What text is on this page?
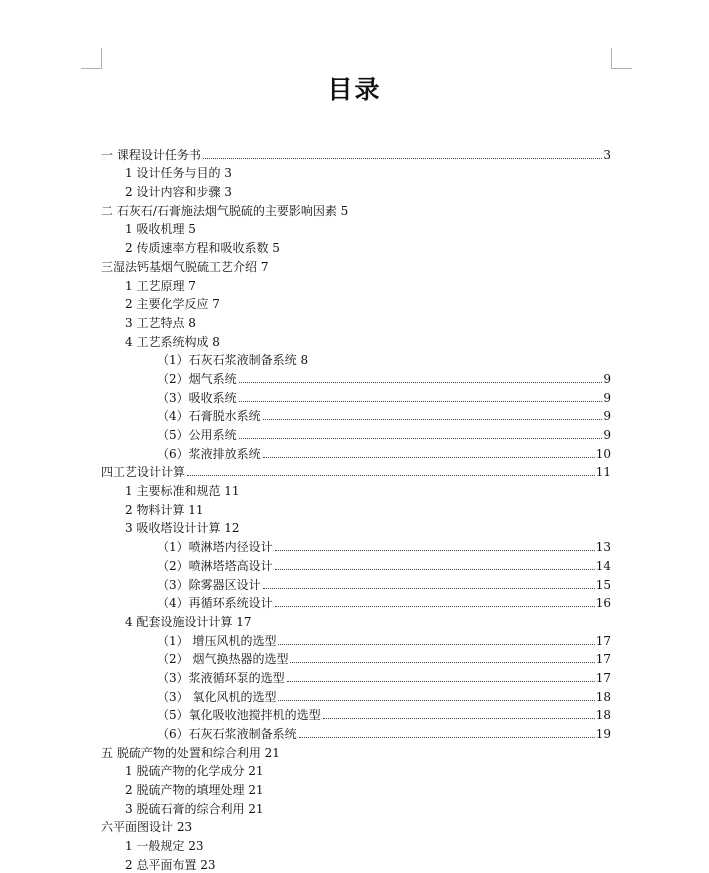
目录
一 课程设计任务书	3
1 设计任务与目的 3
2 设计内容和步骤 3
二 石灰石/石膏施法烟气脱硫的主要影响因素 5
1 吸收机理 5
2 传质速率方程和吸收系数 5
三湿法钙基烟气脱硫工艺介绍 7
1 工艺原理 7
2 主要化学反应 7
3 工艺特点 8
4 工艺系统构成 8
（1）石灰石浆液制备系统 8
（2）烟气系统	9
（3）吸收系统	9
（4）石膏脱水系统	9
（5）公用系统	9
（6）浆液排放系统	10
四工艺设计计算	11
1 主要标准和规范 11
2 物料计算 11
3 吸收塔设计计算 12
（1）喷淋塔内径设计	13
（2）喷淋塔塔高设计	14
（3）除雾器区设计	15
（4）再循环系统设计	16
4 配套设施设计计算 17
（1） 增压风机的选型	17
（2） 烟气换热器的选型	17
（3）浆液循环泵的选型	17
（3） 氧化风机的选型	18
（5）氧化吸收池搅拌机的选型	18
（6）石灰石浆液制备系统	19
五 脱硫产物的处置和综合利用 21
1 脱硫产物的化学成分 21
2 脱硫产物的填埋处理 21
3 脱硫石膏的综合利用 21
六平面图设计 23
1 一般规定 23
2 总平面布置 23
